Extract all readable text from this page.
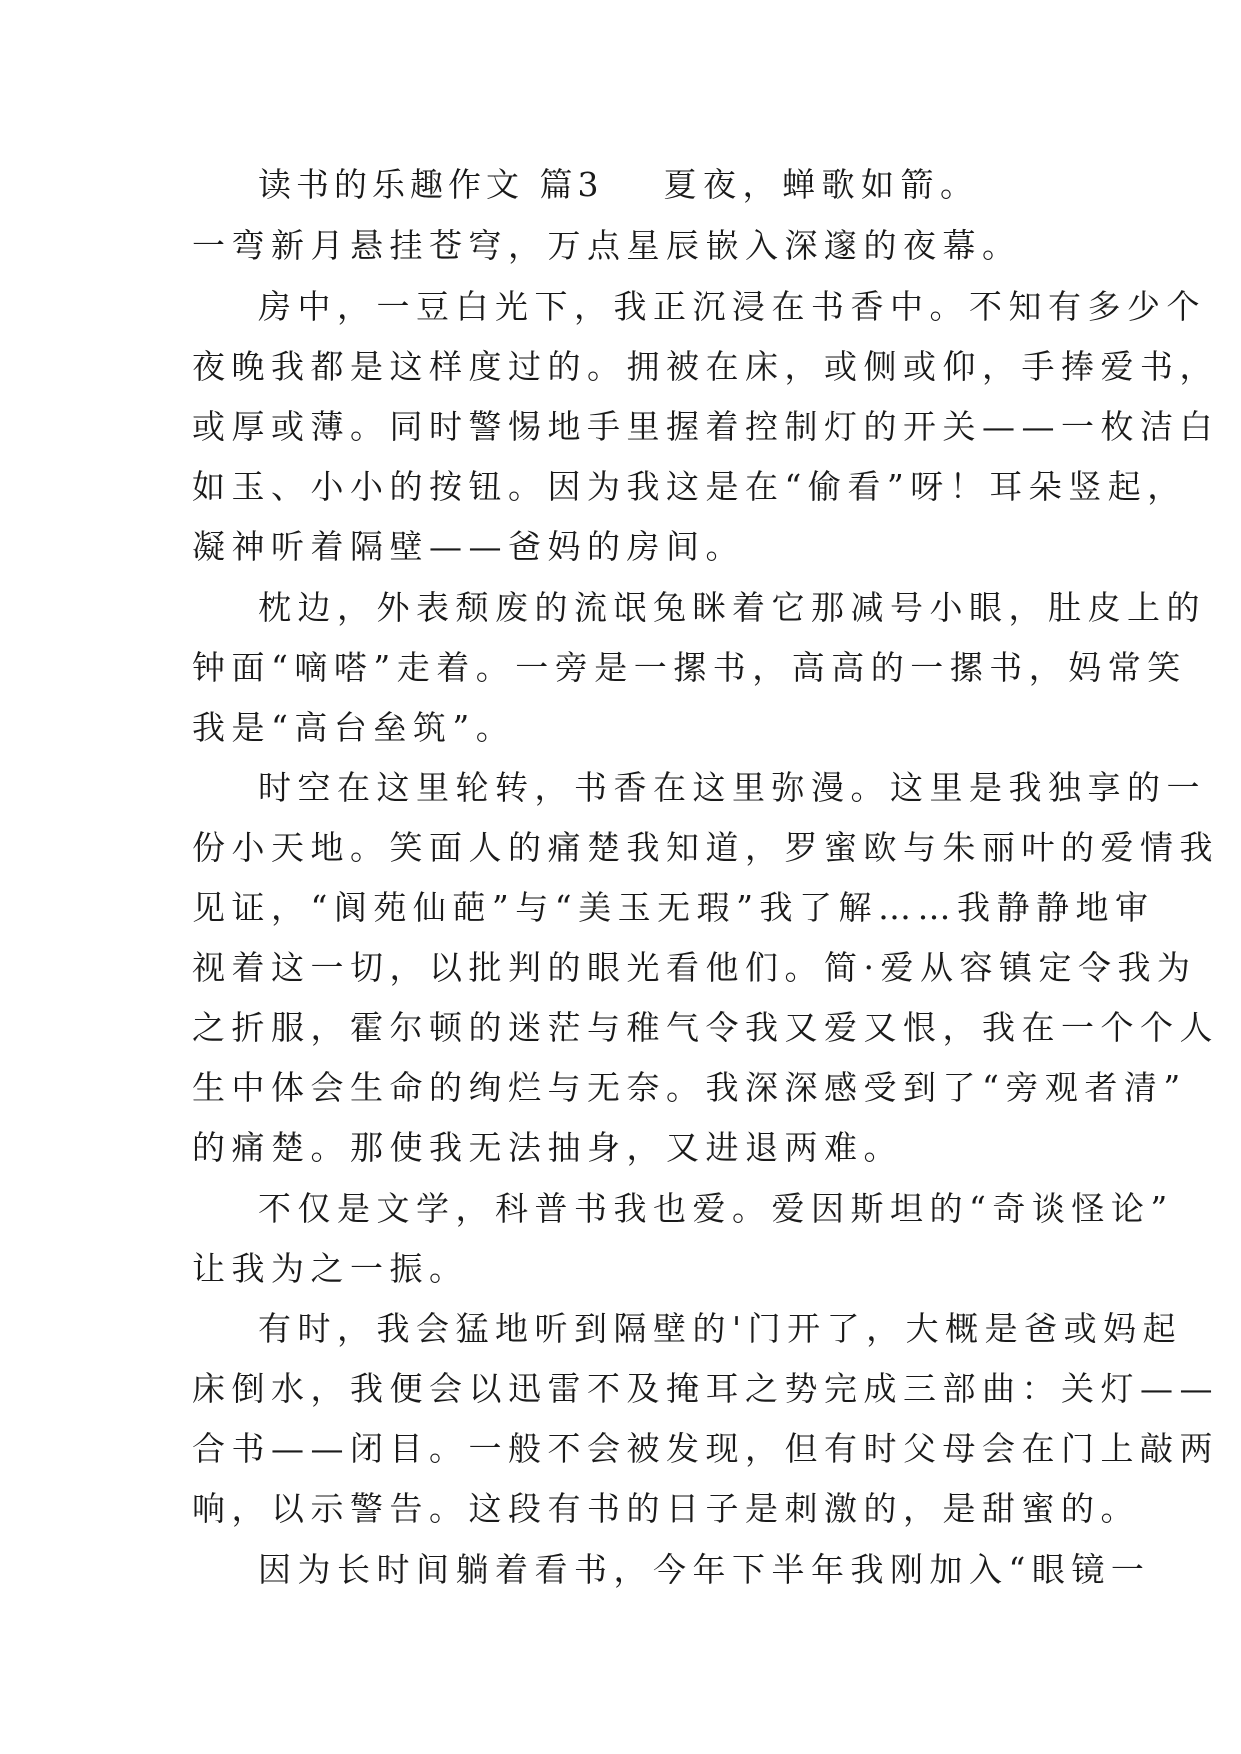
读书的乐趣作文 篇3 夏夜，蝉歌如箭。
一弯新月悬挂苍穹，万点星辰嵌入深邃的夜幕。
房中，一豆白光下，我正沉浸在书香中。不知有多少个
夜晚我都是这样度过的。拥被在床，或侧或仰，手捧爱书，
或厚或薄。同时警惕地手里握着控制灯的开关——一枚洁白
如玉、小小的按钮。因为我这是在“偷看”呀！耳朵竖起，
凝神听着隔壁——爸妈的房间。
枕边，外表颓废的流氓兔眯着它那减号小眼，肚皮上的
钟面“嘀嗒”走着。一旁是一摞书，高高的一摞书，妈常笑
我是“高台垒筑”。
时空在这里轮转，书香在这里弥漫。这里是我独享的一
份小天地。笑面人的痛楚我知道，罗蜜欧与朱丽叶的爱情我
见证，“阆苑仙葩”与“美玉无瑕”我了解……我静静地审
视着这一切，以批判的眼光看他们。简·爱从容镇定令我为
之折服，霍尔顿的迷茫与稚气令我又爱又恨，我在一个个人
生中体会生命的绚烂与无奈。我深深感受到了“旁观者清”
的痛楚。那使我无法抽身，又进退两难。
不仅是文学，科普书我也爱。爱因斯坦的“奇谈怪论”
让我为之一振。
有时，我会猛地听到隔壁的'门开了，大概是爸或妈起
床倒水，我便会以迅雷不及掩耳之势完成三部曲：关灯——
合书——闭目。一般不会被发现，但有时父母会在门上敲两
响，以示警告。这段有书的日子是刺激的，是甜蜜的。
因为长时间躺着看书，今年下半年我刚加入“眼镜一
